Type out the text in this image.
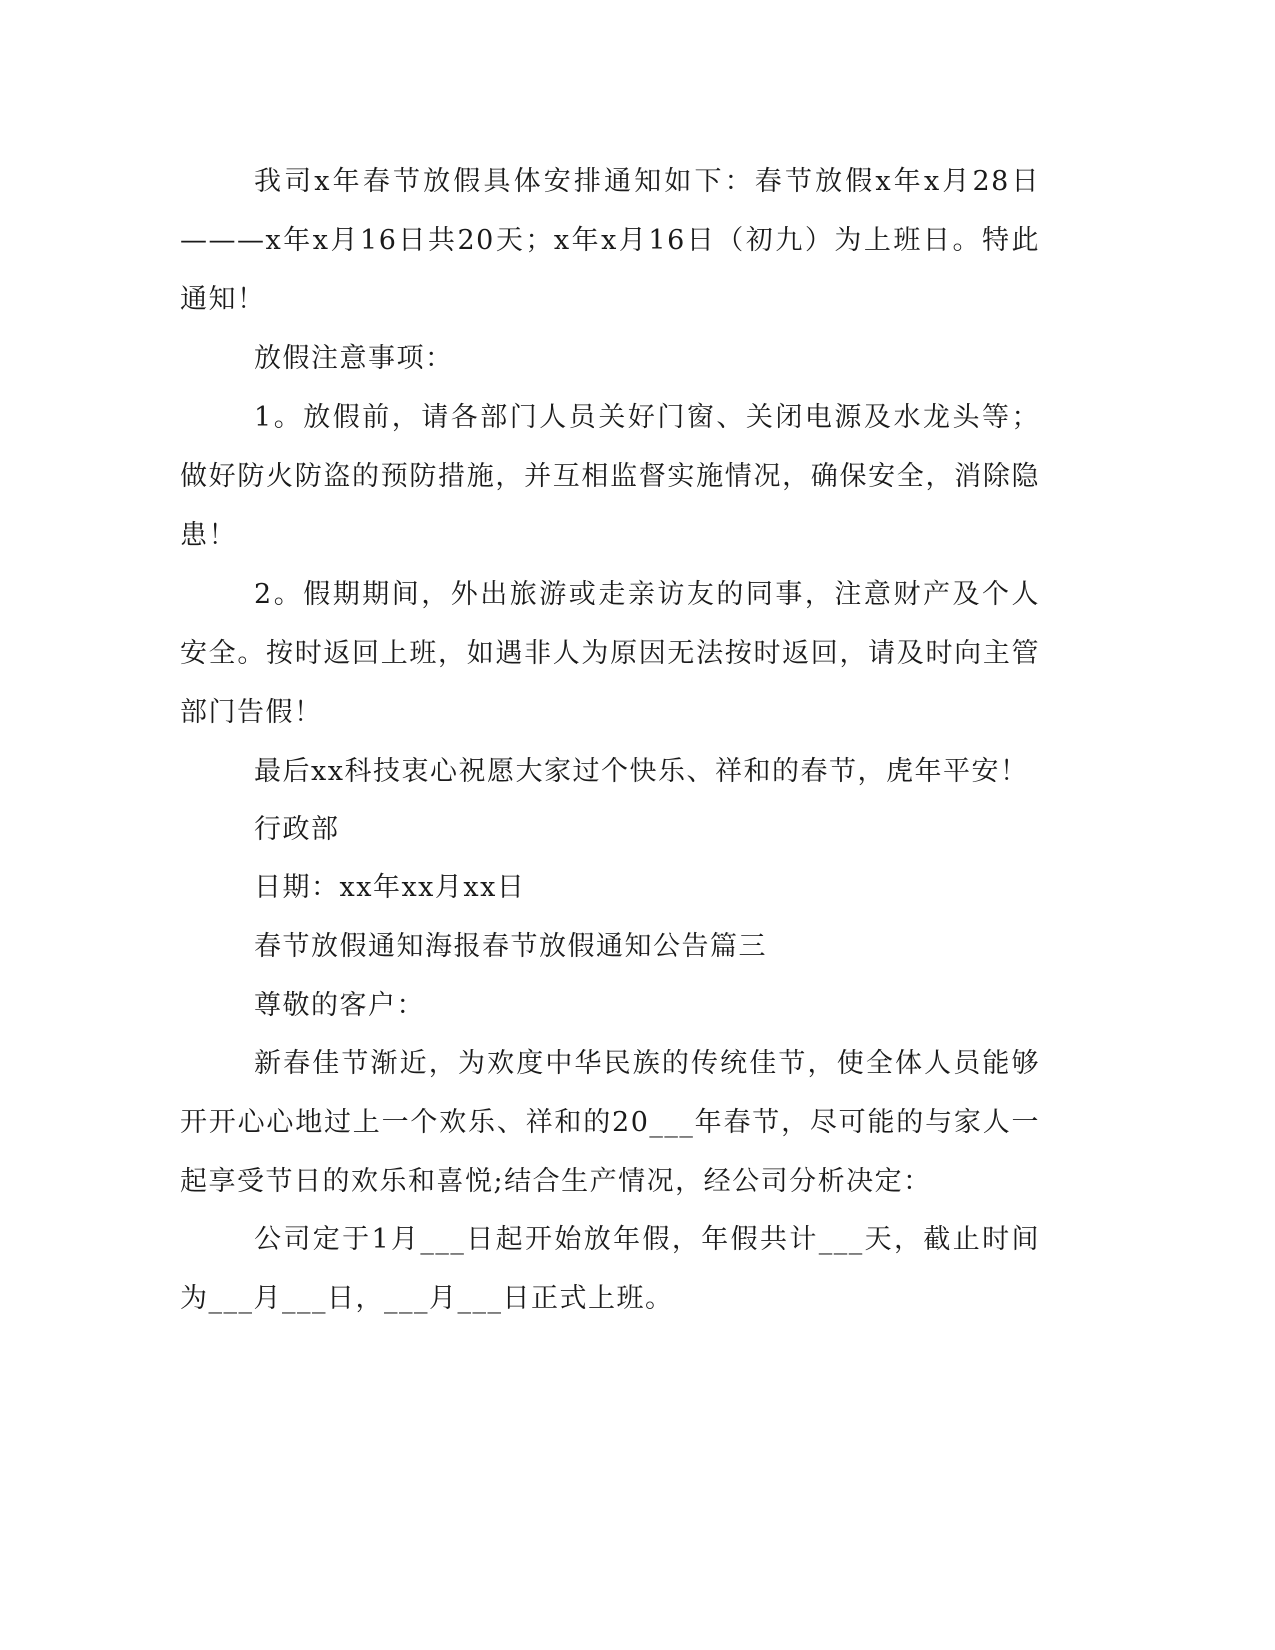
我司x年春节放假具体安排通知如下：春节放假x年x月28日———x年x月16日共20天；x年x月16日（初九）为上班日。特此通知！

放假注意事项：

1。放假前，请各部门人员关好门窗、关闭电源及水龙头等；做好防火防盗的预防措施，并互相监督实施情况，确保安全，消除隐患！

2。假期期间，外出旅游或走亲访友的同事，注意财产及个人安全。按时返回上班，如遇非人为原因无法按时返回，请及时向主管部门告假！

最后xx科技衷心祝愿大家过个快乐、祥和的春节，虎年平安！

行政部

日期：xx年xx月xx日

春节放假通知海报春节放假通知公告篇三

尊敬的客户：

新春佳节渐近，为欢度中华民族的传统佳节，使全体人员能够开开心心地过上一个欢乐、祥和的20___年春节，尽可能的与家人一起享受节日的欢乐和喜悦;结合生产情况，经公司分析决定：

公司定于1月___日起开始放年假，年假共计___天，截止时间为___月___日，___月___日正式上班。
